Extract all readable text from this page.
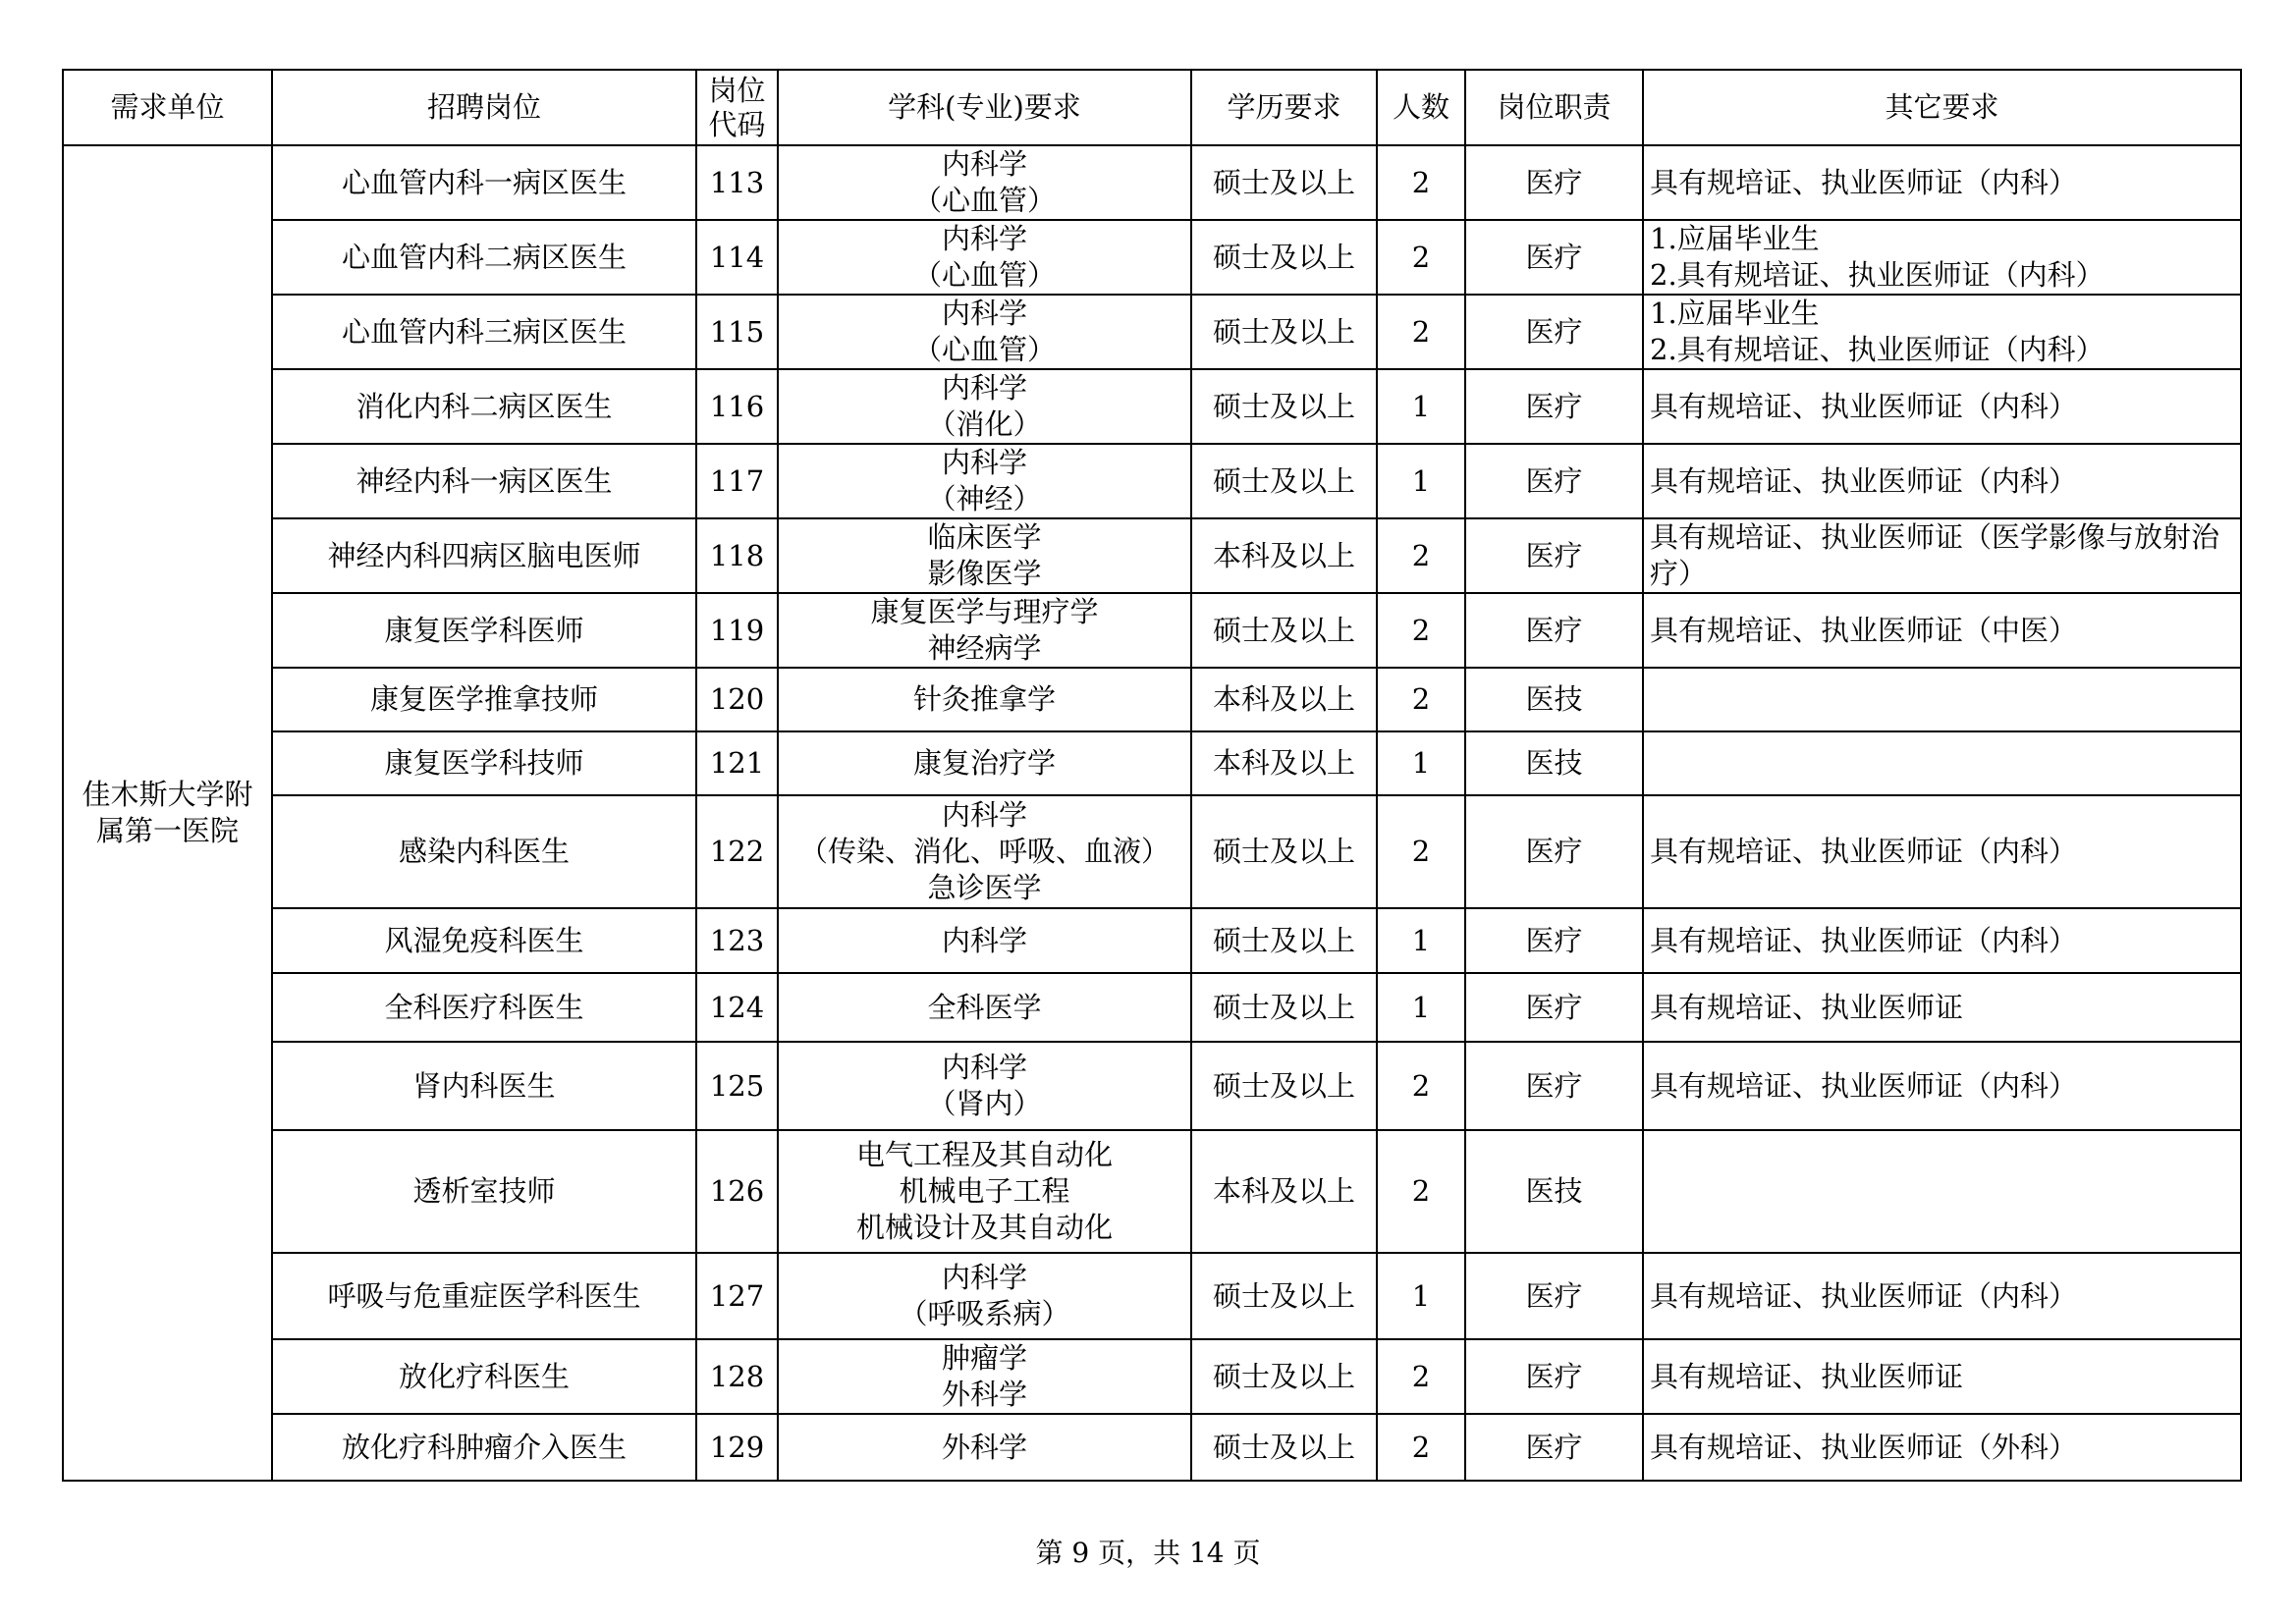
需求单位	招聘岗位	岗位
代码	学科(专业)要求	学历要求	人数	岗位职责	其它要求
佳木斯大学附
属第一医院	心血管内科一病区医生	113	内科学
（心血管）	硕士及以上	2	医疗	具有规培证、执业医师证（内科）
	心血管内科二病区医生	114	内科学
（心血管）	硕士及以上	2	医疗	1.应届毕业生
2.具有规培证、执业医师证（内科）
	心血管内科三病区医生	115	内科学
（心血管）	硕士及以上	2	医疗	1.应届毕业生
2.具有规培证、执业医师证（内科）
	消化内科二病区医生	116	内科学
（消化）	硕士及以上	1	医疗	具有规培证、执业医师证（内科）
	神经内科一病区医生	117	内科学
（神经）	硕士及以上	1	医疗	具有规培证、执业医师证（内科）
	神经内科四病区脑电医师	118	临床医学
影像医学	本科及以上	2	医疗	具有规培证、执业医师证（医学影像与放射治疗）
	康复医学科医师	119	康复医学与理疗学
神经病学	硕士及以上	2	医疗	具有规培证、执业医师证（中医）
	康复医学推拿技师	120	针灸推拿学	本科及以上	2	医技	
	康复医学科技师	121	康复治疗学	本科及以上	1	医技	
	感染内科医生	122	内科学
（传染、消化、呼吸、血液）
急诊医学	硕士及以上	2	医疗	具有规培证、执业医师证（内科）
	风湿免疫科医生	123	内科学	硕士及以上	1	医疗	具有规培证、执业医师证（内科）
	全科医疗科医生	124	全科医学	硕士及以上	1	医疗	具有规培证、执业医师证
	肾内科医生	125	内科学
（肾内）	硕士及以上	2	医疗	具有规培证、执业医师证（内科）
	透析室技师	126	电气工程及其自动化
机械电子工程
机械设计及其自动化	本科及以上	2	医技	
	呼吸与危重症医学科医生	127	内科学
（呼吸系病）	硕士及以上	1	医疗	具有规培证、执业医师证（内科）
	放化疗科医生	128	肿瘤学
外科学	硕士及以上	2	医疗	具有规培证、执业医师证
	放化疗科肿瘤介入医生	129	外科学	硕士及以上	2	医疗	具有规培证、执业医师证（外科）
第 9 页，共 14 页
